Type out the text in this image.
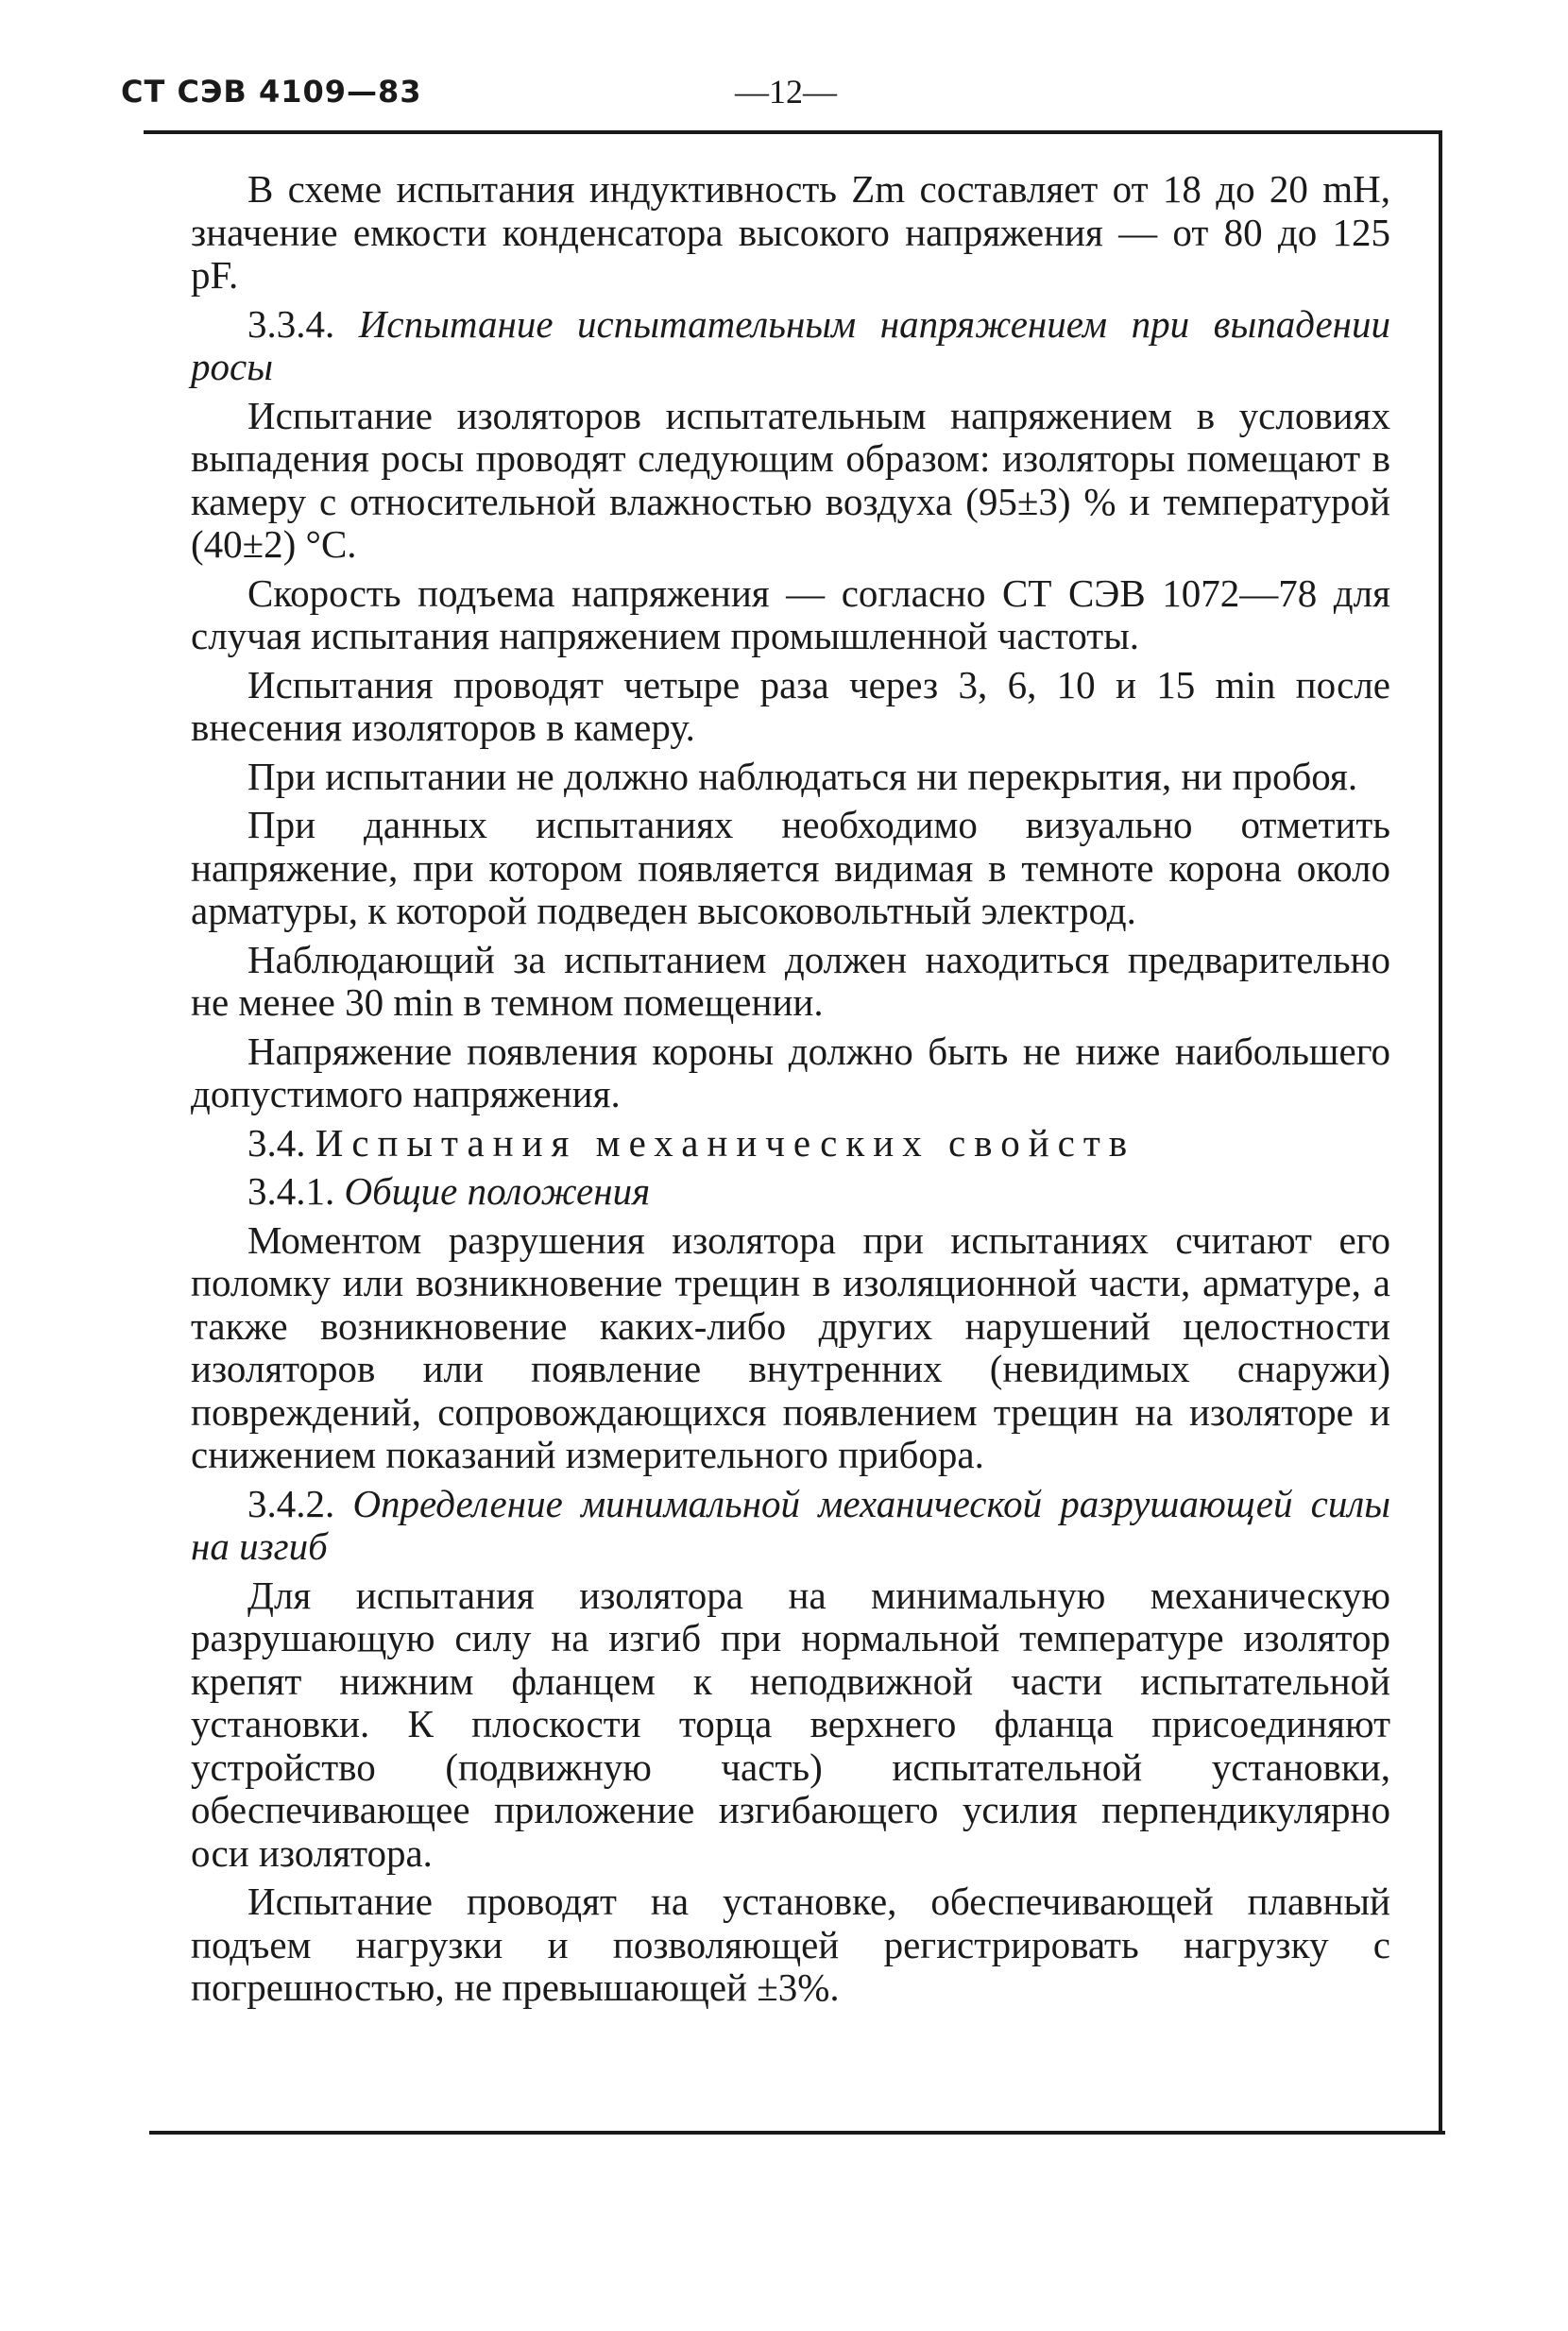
СТ СЭВ 4109—83	—12—

В схеме испытания индуктивность Zm составляет от 18 до 20 mH, значение емкости конденсатора высокого напряжения — от 80 до 125 pF.

3.3.4. Испытание испытательным напряжением при выпадении росы

Испытание изоляторов испытательным напряжением в условиях выпадения росы проводят следующим образом: изоляторы помещают в камеру с относительной влажностью воздуха (95±3) % и температурой (40±2) °С.

Скорость подъема напряжения — согласно СТ СЭВ 1072—78 для случая испытания напряжением промышленной частоты.

Испытания проводят четыре раза через 3, 6, 10 и 15 min после внесения изоляторов в камеру.

При испытании не должно наблюдаться ни перекрытия, ни пробоя.

При данных испытаниях необходимо визуально отметить напряжение, при котором появляется видимая в темноте корона около арматуры, к которой подведен высоковольтный электрод.

Наблюдающий за испытанием должен находиться предварительно не менее 30 min в темном помещении.

Напряжение появления короны должно быть не ниже наибольшего допустимого напряжения.

3.4. Испытания механических свойств

3.4.1. Общие положения

Моментом разрушения изолятора при испытаниях считают его поломку или возникновение трещин в изоляционной части, арматуре, а также возникновение каких-либо других нарушений целостности изоляторов или появление внутренних (невидимых снаружи) повреждений, сопровождающихся появлением трещин на изоляторе и снижением показаний измерительного прибора.

3.4.2. Определение минимальной механической разрушающей силы на изгиб

Для испытания изолятора на минимальную механическую разрушающую силу на изгиб при нормальной температуре изолятор крепят нижним фланцем к неподвижной части испытательной установки. К плоскости торца верхнего фланца присоединяют устройство (подвижную часть) испытательной установки, обеспечивающее приложение изгибающего усилия перпендикулярно оси изолятора.

Испытание проводят на установке, обеспечивающей плавный подъем нагрузки и позволяющей регистрировать нагрузку с погрешностью, не превышающей ±3%.
